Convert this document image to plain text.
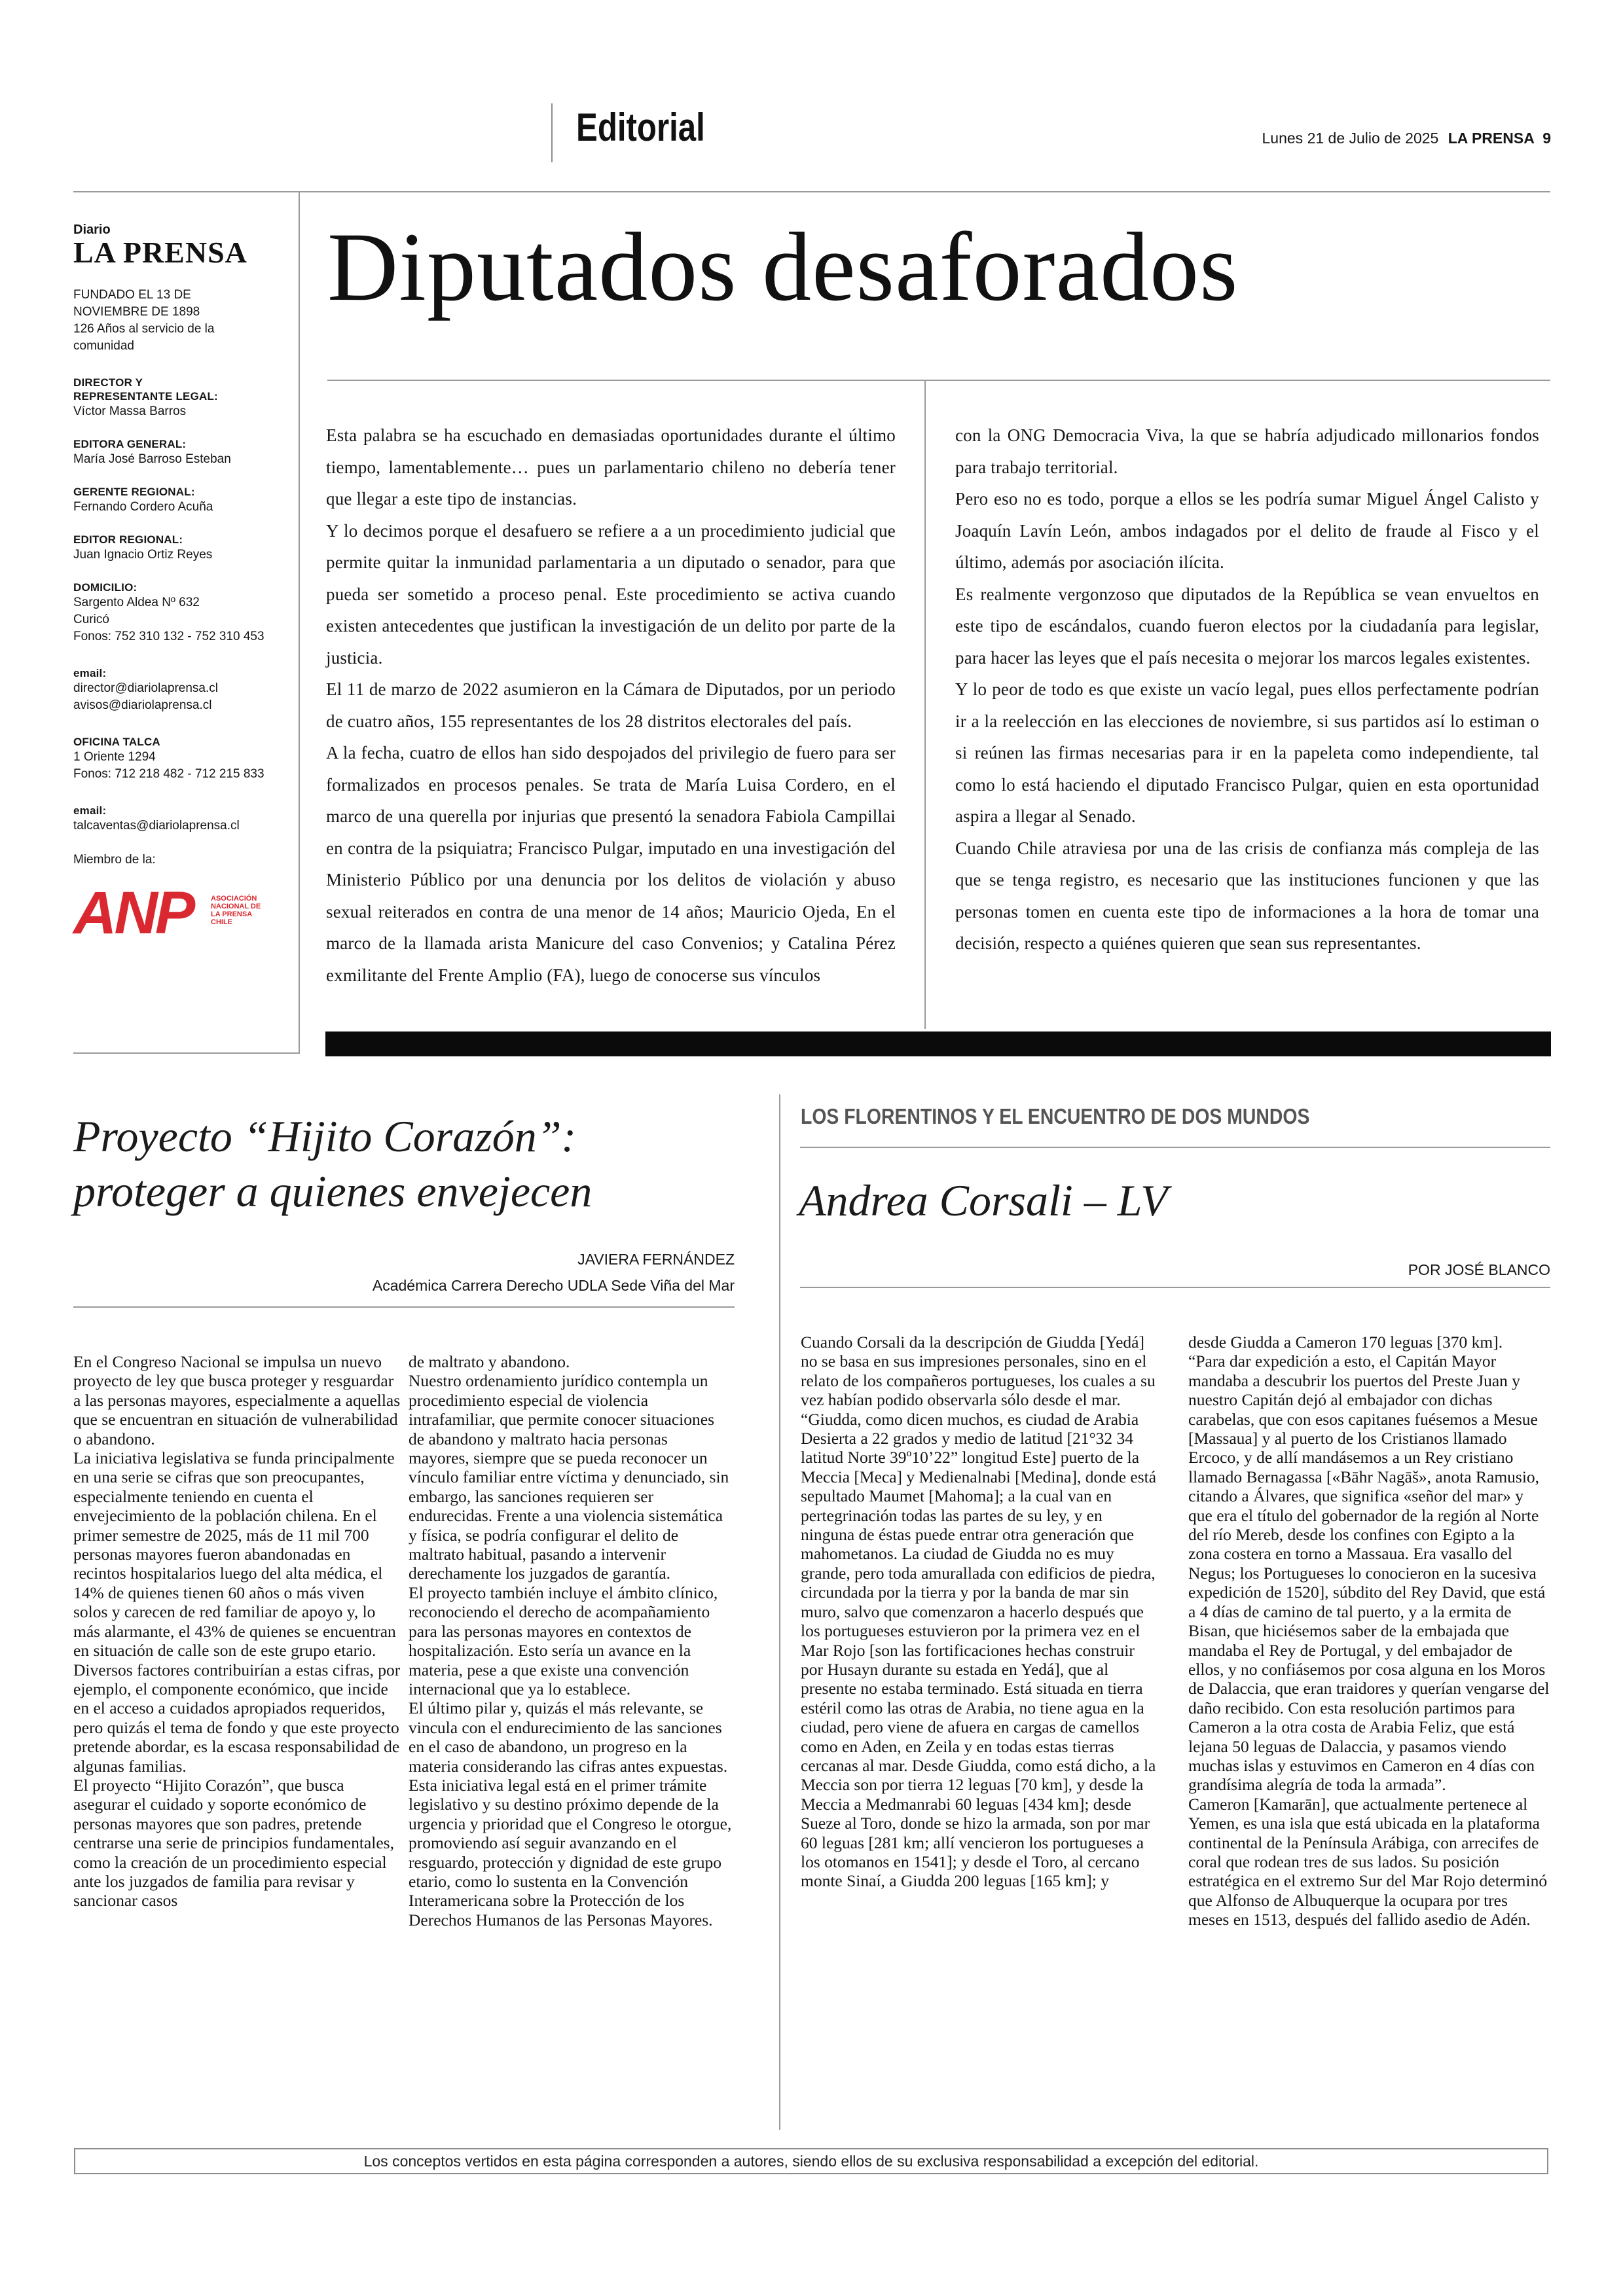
Editorial	Lunes 21 de Julio de 2025 LA PRENSA 9
Diario
LA PRENSA
FUNDADO EL 13 DE NOVIEMBRE DE 1898
126 Años al servicio de la comunidad
DIRECTOR Y REPRESENTANTE LEGAL:
Víctor Massa Barros
EDITORA GENERAL:
María José Barroso Esteban
GERENTE REGIONAL:
Fernando Cordero Acuña
EDITOR REGIONAL:
Juan Ignacio Ortiz Reyes
DOMICILIO:
Sargento Aldea Nº 632
Curicó
Fonos: 752 310 132 - 752 310 453
email:
director@diariolaprensa.cl
avisos@diariolaprensa.cl
OFICINA TALCA
1 Oriente 1294
Fonos: 712 218 482 - 712 215 833
email:
talcaventas@diariolaprensa.cl
Miembro de la:
ANP	ASOCIACIÓN NACIONAL DE LA PRENSA CHILE
Diputados desaforados

Esta palabra se ha escuchado en demasiadas oportunidades durante el último tiempo, lamentablemente… pues un parlamentario chileno no debería tener que llegar a este tipo de instancias.

Y lo decimos porque el desafuero se refiere a a un procedimiento judicial que permite quitar la inmunidad parlamentaria a un diputado o senador, para que pueda ser sometido a proceso penal. Este procedimiento se activa cuando existen antecedentes que justifican la investigación de un delito por parte de la justicia.

El 11 de marzo de 2022 asumieron en la Cámara de Diputados, por un periodo de cuatro años, 155 representantes de los 28 distritos electorales del país.

A la fecha, cuatro de ellos han sido despojados del privilegio de fuero para ser formalizados en procesos penales. Se trata de María Luisa Cordero, en el marco de una querella por injurias que presentó la senadora Fabiola Campillai en contra de la psiquiatra; Francisco Pulgar, imputado en una investigación del Ministerio Público por una denuncia por los delitos de violación y abuso sexual reiterados en contra de una menor de 14 años; Mauricio Ojeda, En el marco de la llamada arista Manicure del caso Convenios; y Catalina Pérez exmilitante del Frente Amplio (FA), luego de conocerse sus vínculos

con la ONG Democracia Viva, la que se habría adjudicado millonarios fondos para trabajo territorial.

Pero eso no es todo, porque a ellos se les podría sumar Miguel Ángel Calisto y Joaquín Lavín León, ambos indagados por el delito de fraude al Fisco y el último, además por asociación ilícita.

Es realmente vergonzoso que diputados de la República se vean envueltos en este tipo de escándalos, cuando fueron electos por la ciudadanía para legislar, para hacer las leyes que el país necesita o mejorar los marcos legales existentes.

Y lo peor de todo es que existe un vacío legal, pues ellos perfectamente podrían ir a la reelección en las elecciones de noviembre, si sus partidos así lo estiman o si reúnen las firmas necesarias para ir en la papeleta como independiente, tal como lo está haciendo el diputado Francisco Pulgar, quien en esta oportunidad aspira a llegar al Senado.

Cuando Chile atraviesa por una de las crisis de confianza más compleja de las que se tenga registro, es necesario que las instituciones funcionen y que las personas tomen en cuenta este tipo de informaciones a la hora de tomar una decisión, respecto a quiénes quieren que sean sus representantes.

Proyecto “Hijito Corazón”: proteger a quienes envejecen
JAVIERA FERNÁNDEZ
Académica Carrera Derecho UDLA Sede Viña del Mar

En el Congreso Nacional se impulsa un nuevo proyecto de ley que busca proteger y resguardar a las personas mayores, especialmente a aquellas que se encuentran en situación de vulnerabilidad o abandono.

La iniciativa legislativa se funda principalmente en una serie se cifras que son preocupantes, especialmente teniendo en cuenta el envejecimiento de la población chilena. En el primer semestre de 2025, más de 11 mil 700 personas mayores fueron abandonadas en recintos hospitalarios luego del alta médica, el 14% de quienes tienen 60 años o más viven solos y carecen de red familiar de apoyo y, lo más alarmante, el 43% de quienes se encuentran en situación de calle son de este grupo etario.

Diversos factores contribuirían a estas cifras, por ejemplo, el componente económico, que incide en el acceso a cuidados apropiados requeridos, pero quizás el tema de fondo y que este proyecto pretende abordar, es la escasa responsabilidad de algunas familias.

El proyecto “Hijito Corazón”, que busca asegurar el cuidado y soporte económico de personas mayores que son padres, pretende centrarse una serie de principios fundamentales, como la creación de un procedimiento especial ante los juzgados de familia para revisar y sancionar casos

de maltrato y abandono.

Nuestro ordenamiento jurídico contempla un procedimiento especial de violencia intrafamiliar, que permite conocer situaciones de abandono y maltrato hacia personas mayores, siempre que se pueda reconocer un vínculo familiar entre víctima y denunciado, sin embargo, las sanciones requieren ser endurecidas. Frente a una violencia sistemática y física, se podría configurar el delito de maltrato habitual, pasando a intervenir derechamente los juzgados de garantía.

El proyecto también incluye el ámbito clínico, reconociendo el derecho de acompañamiento para las personas mayores en contextos de hospitalización. Esto sería un avance en la materia, pese a que existe una convención internacional que ya lo establece.

El último pilar y, quizás el más relevante, se vincula con el endurecimiento de las sanciones en el caso de abandono, un progreso en la materia considerando las cifras antes expuestas.

Esta iniciativa legal está en el primer trámite legislativo y su destino próximo depende de la urgencia y prioridad que el Congreso le otorgue, promoviendo así seguir avanzando en el resguardo, protección y dignidad de este grupo etario, como lo sustenta en la Convención Interamericana sobre la Protección de los Derechos Humanos de las Personas Mayores.

LOS FLORENTINOS Y EL ENCUENTRO DE DOS MUNDOS
Andrea Corsali – LV
POR JOSÉ BLANCO

Cuando Corsali da la descripción de Giudda [Yedá] no se basa en sus impresiones personales, sino en el relato de los compañeros portugueses, los cuales a su vez habían podido observarla sólo desde el mar.

“Giudda, como dicen muchos, es ciudad de Arabia Desierta a 22 grados y medio de latitud [21°32 34 latitud Norte 39º10’22” longitud Este] puerto de la Meccia [Meca] y Medienalnabi [Medina], donde está sepultado Maumet [Mahoma]; a la cual van en pertegrinación todas las partes de su ley, y en ninguna de éstas puede entrar otra generación que mahometanos. La ciudad de Giudda no es muy grande, pero toda amurallada con edificios de piedra, circundada por la tierra y por la banda de mar sin muro, salvo que comenzaron a hacerlo después que los portugueses estuvieron por la primera vez en el Mar Rojo [son las fortificaciones hechas construir por Husayn durante su estada en Yedá], que al presente no estaba terminado. Está situada en tierra estéril como las otras de Arabia, no tiene agua en la ciudad, pero viene de afuera en cargas de camellos como en Aden, en Zeila y en todas estas tierras cercanas al mar. Desde Giudda, como está dicho, a la Meccia son por tierra 12 leguas [70 km], y desde la Meccia a Medmanrabi 60 leguas [434 km]; desde Sueze al Toro, donde se hizo la armada, son por mar 60 leguas [281 km; allí vencieron los portugueses a los otomanos en 1541]; y desde el Toro, al cercano monte Sinaí, a Giudda 200 leguas [165 km]; y

desde Giudda a Cameron 170 leguas [370 km].

“Para dar expedición a esto, el Capitán Mayor mandaba a descubrir los puertos del Preste Juan y nuestro Capitán dejó al embajador con dichas carabelas, que con esos capitanes fuésemos a Mesue [Massaua] y al puerto de los Cristianos llamado Ercoco, y de allí mandásemos a un Rey cristiano llamado Bernagassa [«Bāhr Nagāš», anota Ramusio, citando a Álvares, que significa «señor del mar» y que era el título del gobernador de la región al Norte del río Mereb, desde los confines con Egipto a la zona costera en torno a Massaua. Era vasallo del Negus; los Portugueses lo conocieron en la sucesiva expedición de 1520], súbdito del Rey David, que está a 4 días de camino de tal puerto, y a la ermita de Bisan, que hiciésemos saber de la embajada que mandaba el Rey de Portugal, y del embajador de ellos, y no confiásemos por cosa alguna en los Moros de Dalaccia, que eran traidores y querían vengarse del daño recibido. Con esta resolución partimos para Cameron a la otra costa de Arabia Feliz, que está lejana 50 leguas de Dalaccia, y pasamos viendo muchas islas y estuvimos en Cameron en 4 días con grandísima alegría de toda la armada”.

Cameron [Kamarān], que actualmente pertenece al Yemen, es una isla que está ubicada en la plataforma continental de la Península Arábiga, con arrecifes de coral que rodean tres de sus lados. Su posición estratégica en el extremo Sur del Mar Rojo determinó que Alfonso de Albuquerque la ocupara por tres meses en 1513, después del fallido asedio de Adén.

Los conceptos vertidos en esta página corresponden a autores, siendo ellos de su exclusiva responsabilidad a excepción del editorial.
